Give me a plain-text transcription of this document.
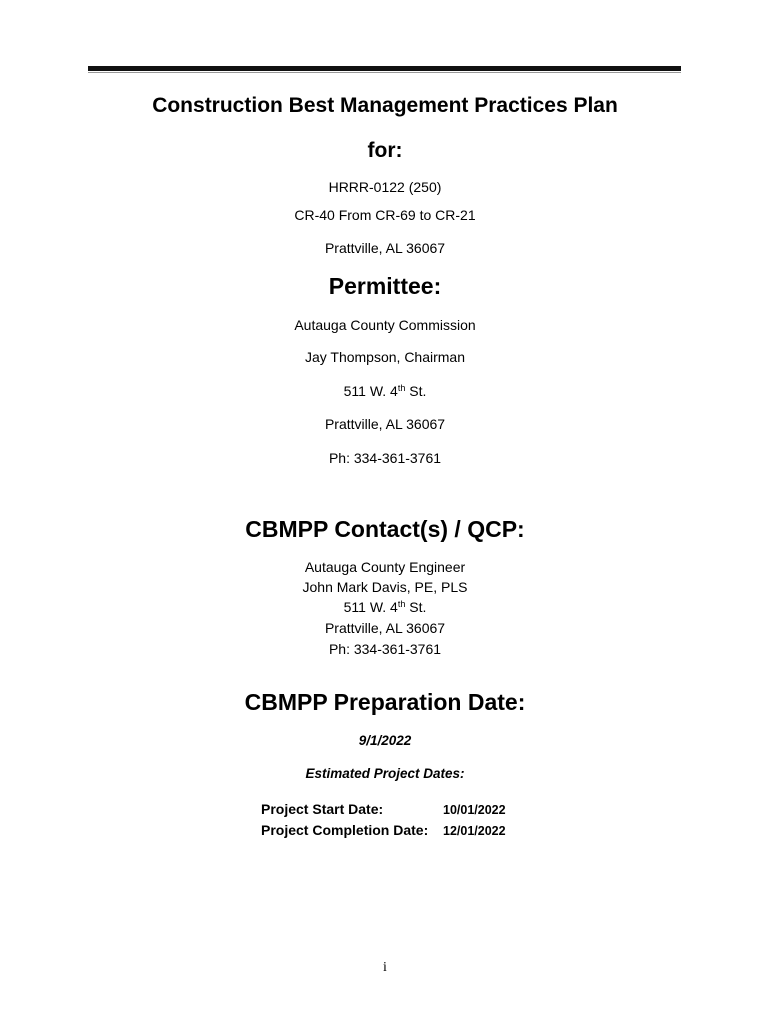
Construction Best Management Practices Plan
for:
HRRR-0122 (250)
CR-40 From CR-69 to CR-21
Prattville, AL 36067
Permittee:
Autauga County Commission
Jay Thompson, Chairman
511 W. 4th St.
Prattville, AL 36067
Ph: 334-361-3761
CBMPP Contact(s) / QCP:
Autauga County Engineer
John Mark Davis, PE, PLS
511 W. 4th St.
Prattville, AL 36067
Ph: 334-361-3761
CBMPP Preparation Date:
9/1/2022
Estimated Project Dates:
Project Start Date:	10/01/2022
Project Completion Date: 12/01/2022
i
